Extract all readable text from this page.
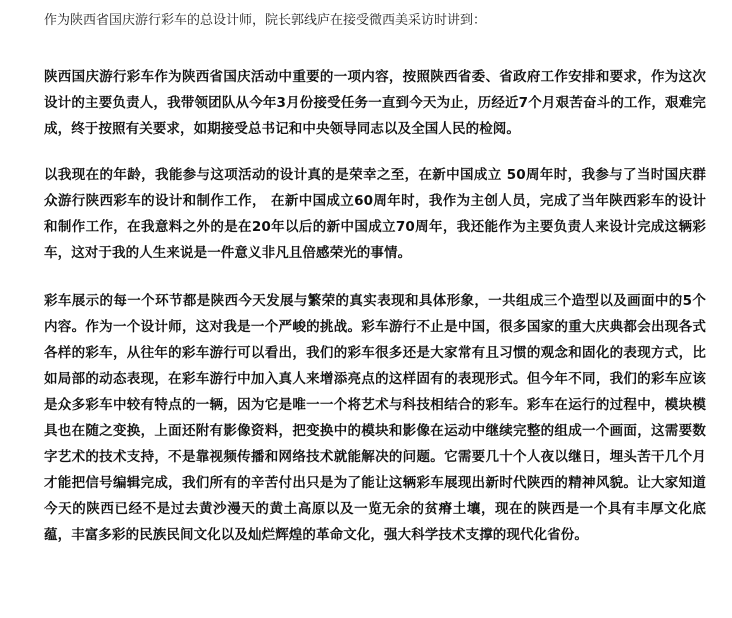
作为陕西省国庆游行彩车的总设计师，院长郭线庐在接受微西美采访时讲到：

陕西国庆游行彩车作为陕西省国庆活动中重要的一项内容，按照陕西省委、省政府工作安排和要求，作为这次设计的主要负责人，我带领团队从今年3月份接受任务一直到今天为止，历经近7个月艰苦奋斗的工作，艰难完成，终于按照有关要求，如期接受总书记和中央领导同志以及全国人民的检阅。

以我现在的年龄，我能参与这项活动的设计真的是荣幸之至，在新中国成立 50周年时，我参与了当时国庆群众游行陕西彩车的设计和制作工作， 在新中国成立60周年时，我作为主创人员，完成了当年陕西彩车的设计和制作工作，在我意料之外的是在20年以后的新中国成立70周年，我还能作为主要负责人来设计完成这辆彩车，这对于我的人生来说是一件意义非凡且倍感荣光的事情。

彩车展示的每一个环节都是陕西今天发展与繁荣的真实表现和具体形象，一共组成三个造型以及画面中的5个内容。作为一个设计师，这对我是一个严峻的挑战。彩车游行不止是中国，很多国家的重大庆典都会出现各式各样的彩车，从往年的彩车游行可以看出，我们的彩车很多还是大家常有且习惯的观念和固化的表现方式，比如局部的动态表现，在彩车游行中加入真人来增添亮点的这样固有的表现形式。但今年不同，我们的彩车应该是众多彩车中较有特点的一辆，因为它是唯一一个将艺术与科技相结合的彩车。彩车在运行的过程中，模块模具也在随之变换，上面还附有影像资料，把变换中的模块和影像在运动中继续完整的组成一个画面，这需要数字艺术的技术支持，不是靠视频传播和网络技术就能解决的问题。它需要几十个人夜以继日，埋头苦干几个月才能把信号编辑完成，我们所有的辛苦付出只是为了能让这辆彩车展现出新时代陕西的精神风貌。让大家知道今天的陕西已经不是过去黄沙漫天的黄土高原以及一览无余的贫瘠土壤，现在的陕西是一个具有丰厚文化底蕴，丰富多彩的民族民间文化以及灿烂辉煌的革命文化，强大科学技术支撑的现代化省份。
